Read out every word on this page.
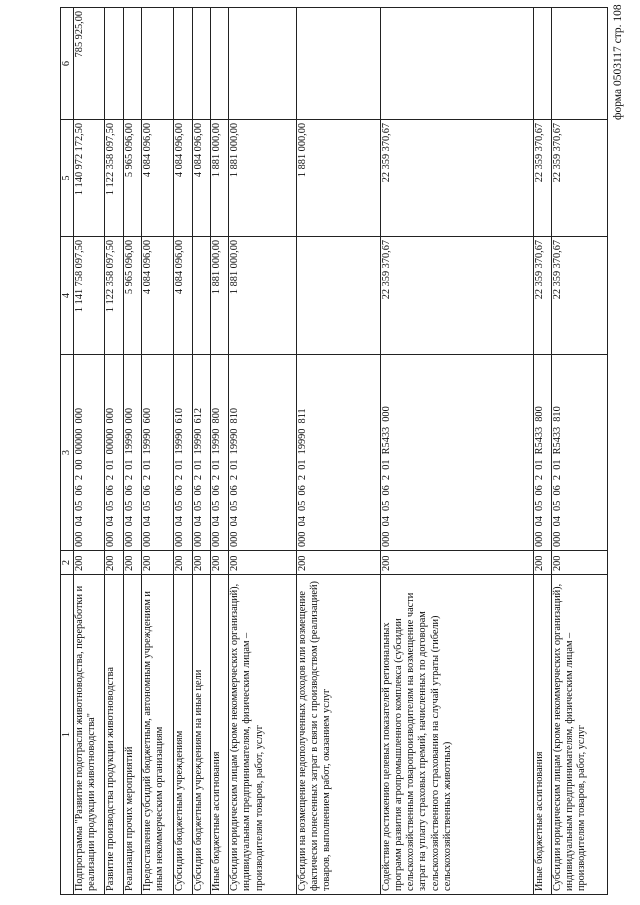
форма 0503117 стр. 108
1	2	3	4	5	6
Подпрограмма "Развитие подотрасли животноводства, переработки и реализации продукции животноводства"	200	000  04  05  06  2  00  00000  000	1 141 758 097,50	1 140 972 172,50	785 925,00
Развитие производства продукции животноводства	200	000  04  05  06  2  01  00000  000	1 122 358 097,50	1 122 358 097,50	
Реализация прочих мероприятий	200	000  04  05  06  2  01  19990  000	5 965 096,00	5 965 096,00	
Предоставление субсидий бюджетным, автономным учреждениям и иным некоммерческим организациям	200	000  04  05  06  2  01  19990  600	4 084 096,00	4 084 096,00	
Субсидии бюджетным учреждениям	200	000  04  05  06  2  01  19990  610	4 084 096,00	4 084 096,00	
Субсидии бюджетным учреждениям на иные цели	200	000  04  05  06  2  01  19990  612		4 084 096,00	
Иные бюджетные ассигнования	200	000  04  05  06  2  01  19990  800	1 881 000,00	1 881 000,00	
Субсидии юридическим лицам (кроме некоммерческих организаций), индивидуальным предпринимателям, физическим лицам – производителям товаров, работ, услуг	200	000  04  05  06  2  01  19990  810	1 881 000,00	1 881 000,00	
Субсидии на возмещение недополученных доходов или возмещение фактически понесенных затрат в связи с производством (реализацией) товаров, выполнением работ, оказанием услуг	200	000  04  05  06  2  01  19990  811		1 881 000,00	
Содействие достижению целевых показателей региональных программ развития агропромышленного комплекса (субсидии сельскохозяйственным товаропроизводителям на возмещение части затрат на уплату страховых премий, начисленных по договорам сельскохозяйственного страхования на случай утраты (гибели) сельскохозяйственных животных)	200	000  04  05  06  2  01  R5433  000	22 359 370,67	22 359 370,67	
Иные бюджетные ассигнования	200	000  04  05  06  2  01  R5433  800	22 359 370,67	22 359 370,67	
Субсидии юридическим лицам (кроме некоммерческих организаций), индивидуальным предпринимателям, физическим лицам – производителям товаров, работ, услуг	200	000  04  05  06  2  01  R5433  810	22 359 370,67	22 359 370,67	
